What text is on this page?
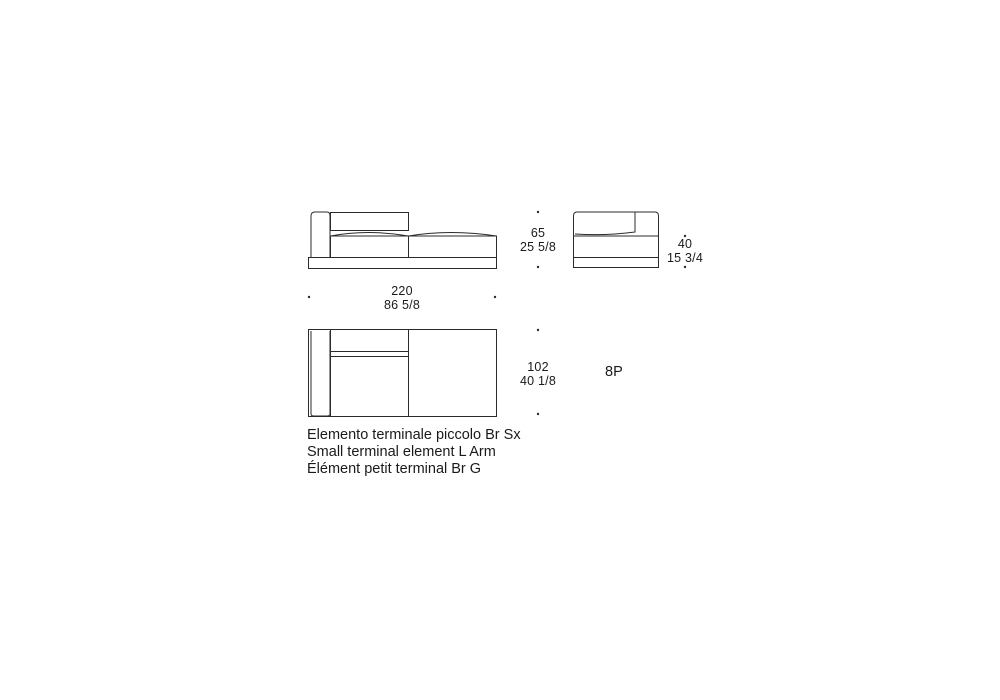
65
25 5/8	40
15 3/4
220
86 5/8
102
40 1/8
8P
Elemento terminale piccolo Br Sx
Small terminal element L Arm
Élément petit terminal Br G
